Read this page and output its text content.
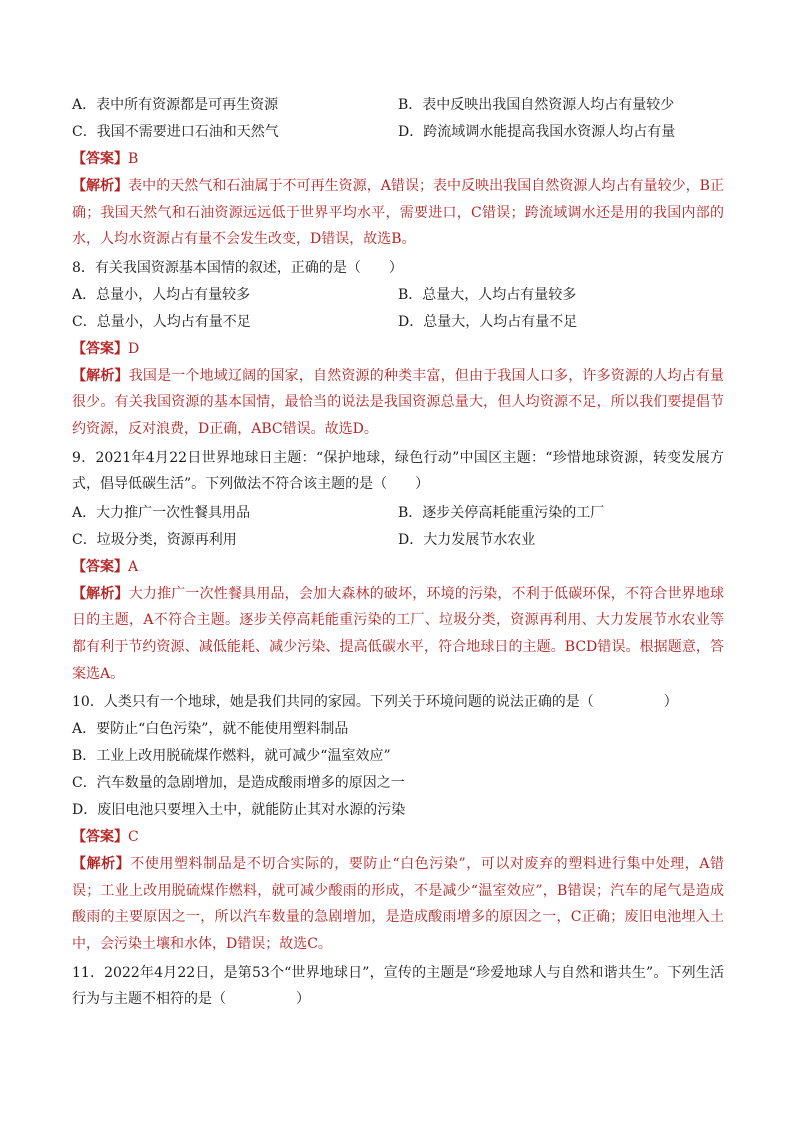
A．表中所有资源都是可再生资源	B．表中反映出我国自然资源人均占有量较少
C．我国不需要进口石油和天然气	D．跨流域调水能提高我国水资源人均占有量
【答案】B
【解析】表中的天然气和石油属于不可再生资源，A错误；表中反映出我国自然资源人均占有量较少，B正确；我国天然气和石油资源远远低于世界平均水平，需要进口，C错误；跨流域调水还是用的我国内部的水，人均水资源占有量不会发生改变，D错误，故选B。
8．有关我国资源基本国情的叙述，正确的是（　　）
A．总量小，人均占有量较多	B．总量大，人均占有量较多
C．总量小，人均占有量不足	D．总量大，人均占有量不足
【答案】D
【解析】我国是一个地域辽阔的国家，自然资源的种类丰富，但由于我国人口多，许多资源的人均占有量很少。有关我国资源的基本国情，最恰当的说法是我国资源总量大，但人均资源不足，所以我们要提倡节约资源，反对浪费，D正确，ABC错误。故选D。
9．2021年4月22日世界地球日主题：“保护地球，绿色行动”中国区主题：“珍惜地球资源，转变发展方式，倡导低碳生活”。下列做法不符合该主题的是（　　）
A．大力推广一次性餐具用品	B．逐步关停高耗能重污染的工厂
C．垃圾分类，资源再利用	D．大力发展节水农业
【答案】A
【解析】大力推广一次性餐具用品，会加大森林的破坏，环境的污染，不利于低碳环保，不符合世界地球日的主题，A不符合主题。逐步关停高耗能重污染的工厂、垃圾分类，资源再利用、大力发展节水农业等都有利于节约资源、减低能耗、减少污染、提高低碳水平，符合地球日的主题。BCD错误。根据题意，答案选A。
10．人类只有一个地球，她是我们共同的家园。下列关于环境问题的说法正确的是（　　　　　）
A．要防止“白色污染”，就不能使用塑料制品
B．工业上改用脱硫煤作燃料，就可减少“温室效应”
C．汽车数量的急剧增加，是造成酸雨增多的原因之一
D．废旧电池只要埋入土中，就能防止其对水源的污染
【答案】C
【解析】不使用塑料制品是不切合实际的，要防止“白色污染”，可以对废弃的塑料进行集中处理，A错误；工业上改用脱硫煤作燃料，就可减少酸雨的形成，不是减少“温室效应”，B错误；汽车的尾气是造成酸雨的主要原因之一，所以汽车数量的急剧增加，是造成酸雨增多的原因之一，C正确；废旧电池埋入土中，会污染土壤和水体，D错误；故选C。
11．2022年4月22日，是第53个“世界地球日”，宣传的主题是“珍爱地球人与自然和谐共生”。下列生活行为与主题不相符的是（　　　　　）
